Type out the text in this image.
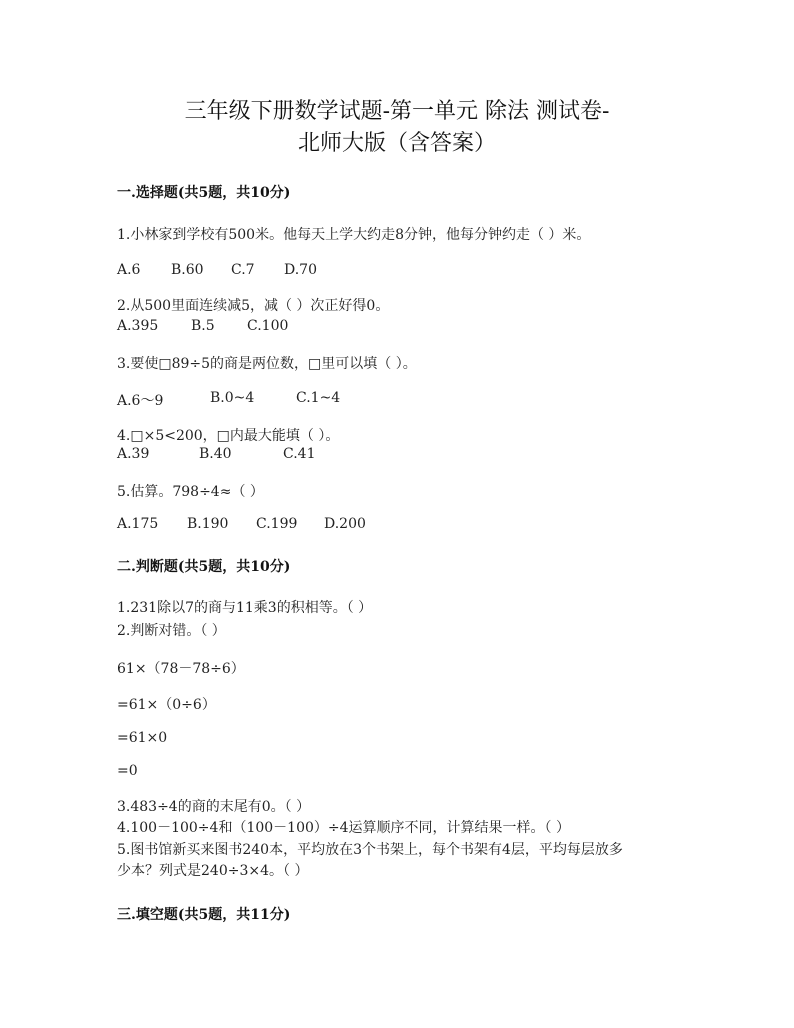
三年级下册数学试题-第一单元 除法 测试卷-
北师大版（含答案）
一.选择题(共5题，共10分)
1.小林家到学校有500米。他每天上学大约走8分钟，他每分钟约走（ ）米。
A.6 B.60 C.7 D.70
2.从500里面连续减5，减（ ）次正好得0。
A.395 B.5 C.100
3.要使□89÷5的商是两位数，□里可以填（ ）。
A.6～9	B.0~4	C.1~4
4.□×5<200，□内最大能填（ ）。
A.39	B.40	C.41
5.估算。798÷4≈（ ）
A.175 B.190 C.199 D.200
二.判断题(共5题，共10分)
1.231除以7的商与11乘3的积相等。（ ）
2.判断对错。（ ）
61×（78－78÷6）
=61×（0÷6）
=61×0
=0
3.483÷4的商的末尾有0。（ ）
4.100－100÷4和（100－100）÷4运算顺序不同，计算结果一样。（ ）
5.图书馆新买来图书240本，平均放在3个书架上，每个书架有4层，平均每层放多
少本？列式是240÷3×4。（ ）
三.填空题(共5题，共11分)
